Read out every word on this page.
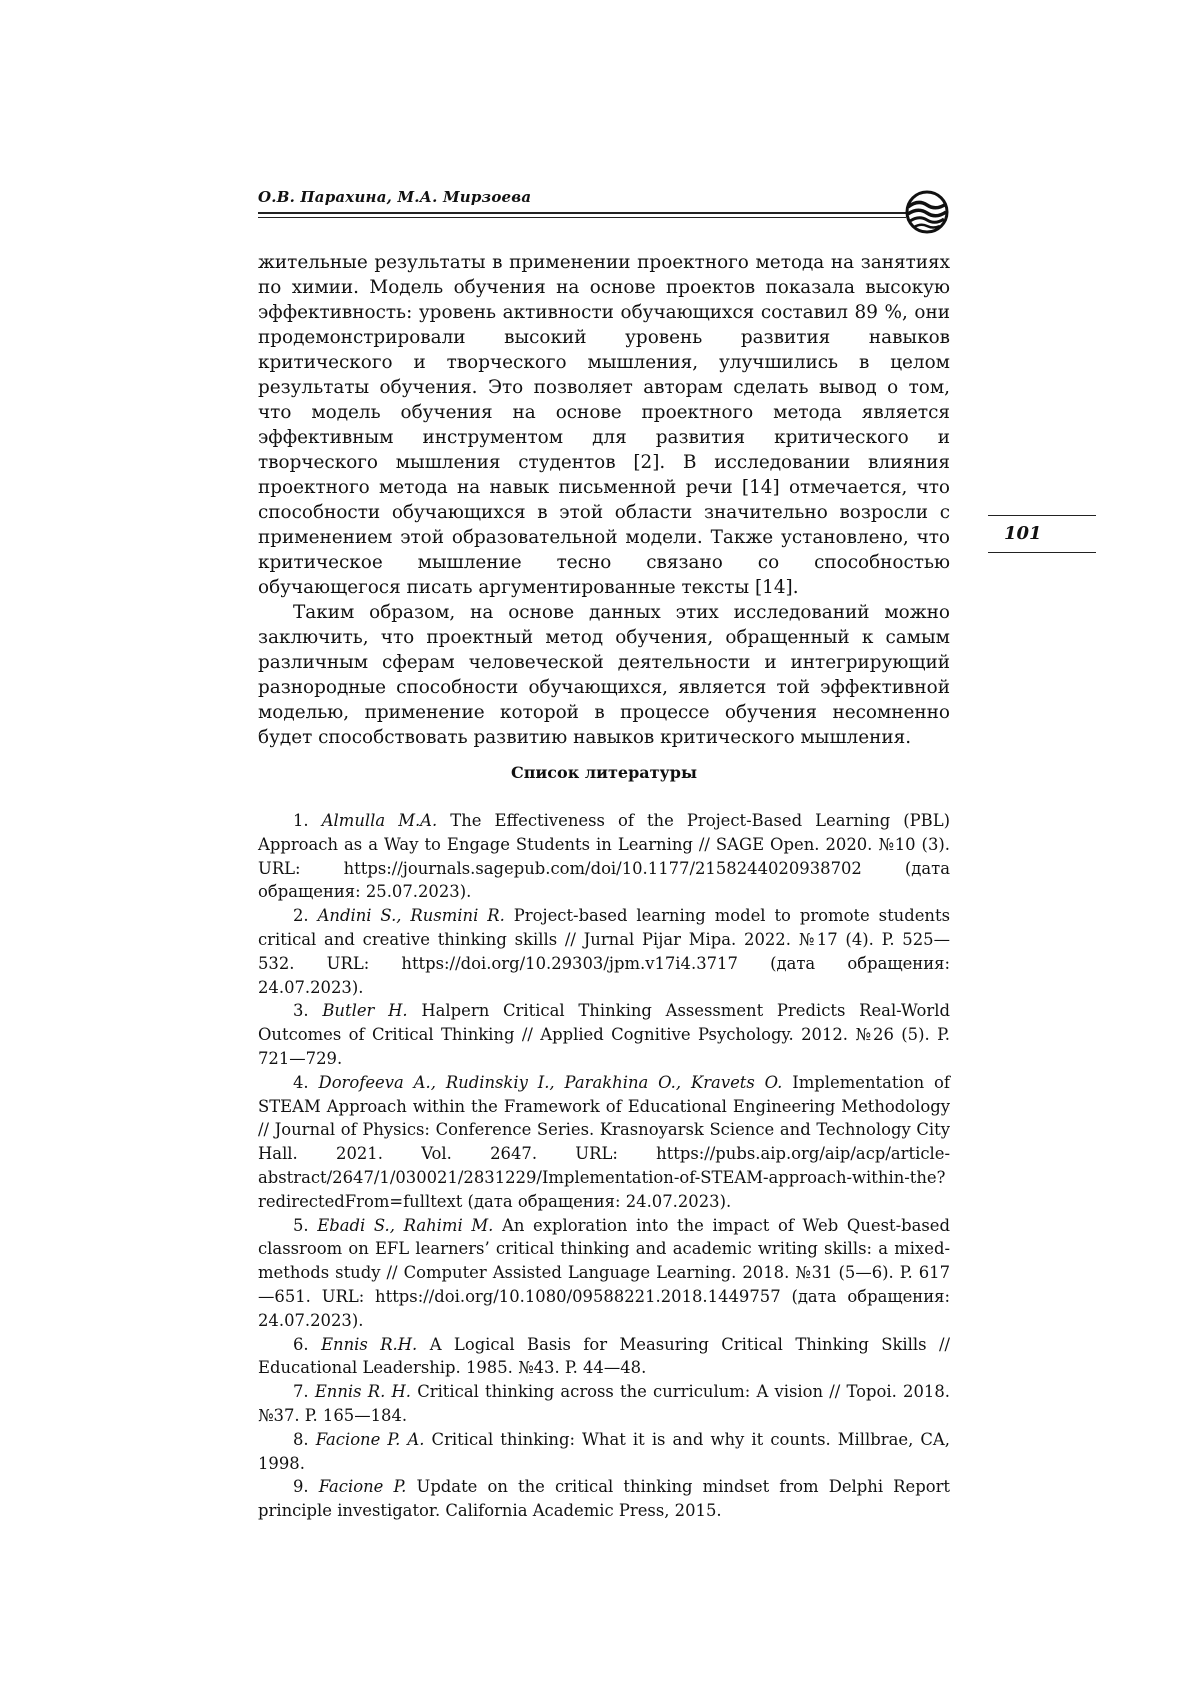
О.В. Парахина, М.А. Мирзоева

жительные результаты в применении проектного метода на занятиях по химии. Модель обучения на основе проектов показала высокую эффективность: уровень активности обучающихся составил 89 %, они продемонстрировали высокий уровень развития навыков критического и творческого мышления, улучшились в целом результаты обучения. Это позволяет авторам сделать вывод о том, что модель обучения на основе проектного метода является эффективным инструментом для развития критического и творческого мышления студентов [2]. В исследовании влияния проектного метода на навык письменной речи [14] отмечается, что способности обучающихся в этой области значительно возросли с применением этой образовательной модели. Также установлено, что критическое мышление тесно связано со способностью обучающегося писать аргументированные тексты [14].

Таким образом, на основе данных этих исследований можно заключить, что проектный метод обучения, обращенный к самым различным сферам человеческой деятельности и интегрирующий разнородные способности обучающихся, является той эффективной моделью, применение которой в процессе обучения несомненно будет способствовать развитию навыков критического мышления.

101
Список литературы

1. Almulla M.A. The Effectiveness of the Project-Based Learning (PBL) Approach as a Way to Engage Students in Learning // SAGE Open. 2020. №10 (3). URL: https://journals.sagepub.com/doi/10.1177/2158244020938702 (дата обращения: 25.07.2023).

2. Andini S., Rusmini R. Project-based learning model to promote students critical and creative thinking skills // Jurnal Pijar Mipa. 2022. №17 (4). P. 525—532. URL: https://doi.org/10.29303/jpm.v17i4.3717 (дата обращения: 24.07.2023).

3. Butler H. Halpern Critical Thinking Assessment Predicts Real-World Outcomes of Critical Thinking // Applied Cognitive Psychology. 2012. №26 (5). P. 721—729.

4. Dorofeeva A., Rudinskiy I., Parakhina O., Kravets O. Implementation of STEAM Approach within the Framework of Educational Engineering Methodology // Journal of Physics: Conference Series. Krasnoyarsk Science and Technology City Hall. 2021. Vol. 2647. URL: https://pubs.aip.org/aip/acp/article-abstract/2647/1/030021/2831229/Implementation-of-STEAM-approach-within-the?redirectedFrom=fulltext (дата обращения: 24.07.2023).

5. Ebadi S., Rahimi M. An exploration into the impact of Web Quest-based classroom on EFL learners’ critical thinking and academic writing skills: a mixed-methods study // Computer Assisted Language Learning. 2018. №31 (5—6). P. 617—651. URL: https://doi.org/10.1080/09588221.2018.1449757 (дата обращения: 24.07.2023).

6. Ennis R.H. A Logical Basis for Measuring Critical Thinking Skills // Educational Leadership. 1985. №43. P. 44—48.

7. Ennis R. H. Critical thinking across the curriculum: A vision // Topoi. 2018. №37. P. 165—184.

8. Facione P. A. Critical thinking: What it is and why it counts. Millbrae, CA, 1998.

9. Facione P. Update on the critical thinking mindset from Delphi Report principle investigator. California Academic Press, 2015.
